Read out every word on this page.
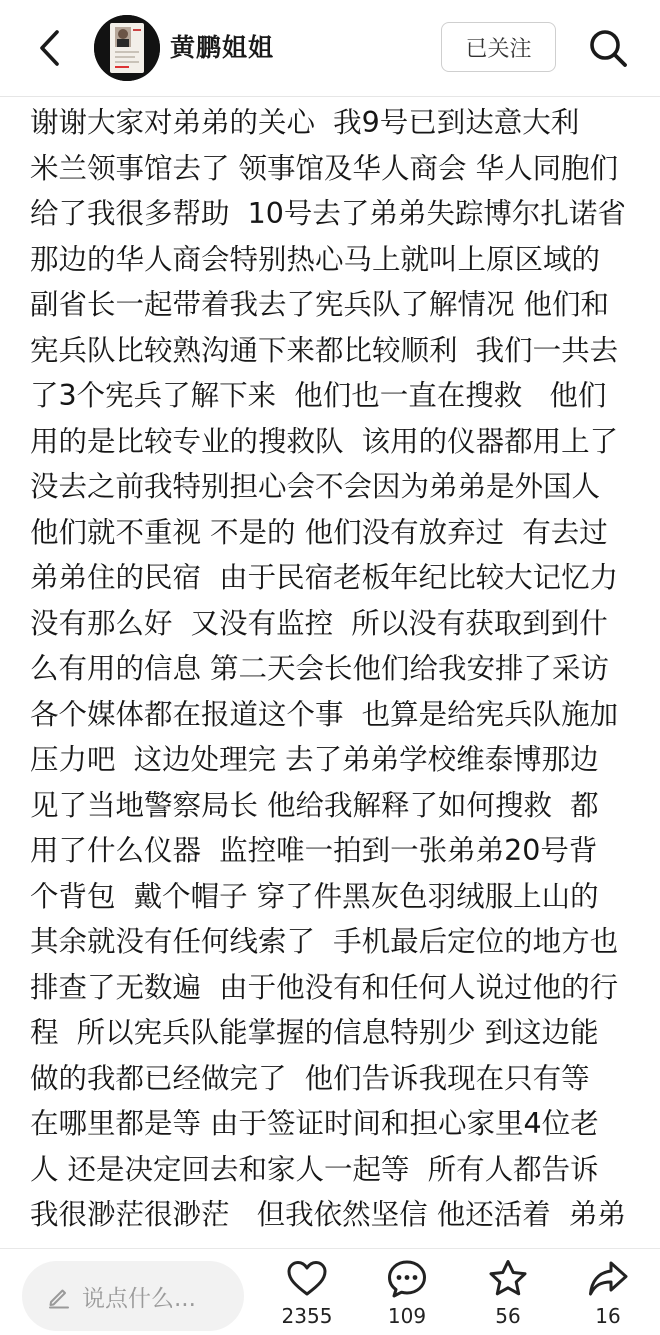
黄鹏姐姐	已关注
谢谢大家对弟弟的关心  我9号已到达意大利
米兰领事馆去了 领事馆及华人商会 华人同胞们
给了我很多帮助  10号去了弟弟失踪博尔扎诺省
那边的华人商会特别热心马上就叫上原区域的
副省长一起带着我去了宪兵队了解情况 他们和
宪兵队比较熟沟通下来都比较顺利  我们一共去
了3个宪兵了解下来  他们也一直在搜救   他们
用的是比较专业的搜救队  该用的仪器都用上了
没去之前我特别担心会不会因为弟弟是外国人
他们就不重视 不是的 他们没有放弃过  有去过
弟弟住的民宿  由于民宿老板年纪比较大记忆力
没有那么好  又没有监控  所以没有获取到到什
么有用的信息 第二天会长他们给我安排了采访
各个媒体都在报道这个事  也算是给宪兵队施加
压力吧  这边处理完 去了弟弟学校维泰博那边
见了当地警察局长 他给我解释了如何搜救  都
用了什么仪器  监控唯一拍到一张弟弟20号背
个背包  戴个帽子 穿了件黑灰色羽绒服上山的
其余就没有任何线索了  手机最后定位的地方也
排查了无数遍  由于他没有和任何人说过他的行
程  所以宪兵队能掌握的信息特别少 到这边能
做的我都已经做完了  他们告诉我现在只有等
在哪里都是等 由于签证时间和担心家里4位老
人 还是决定回去和家人一起等  所有人都告诉
我很渺茫很渺茫   但我依然坚信 他还活着  弟弟
说点什么...
2355	109	56	16
